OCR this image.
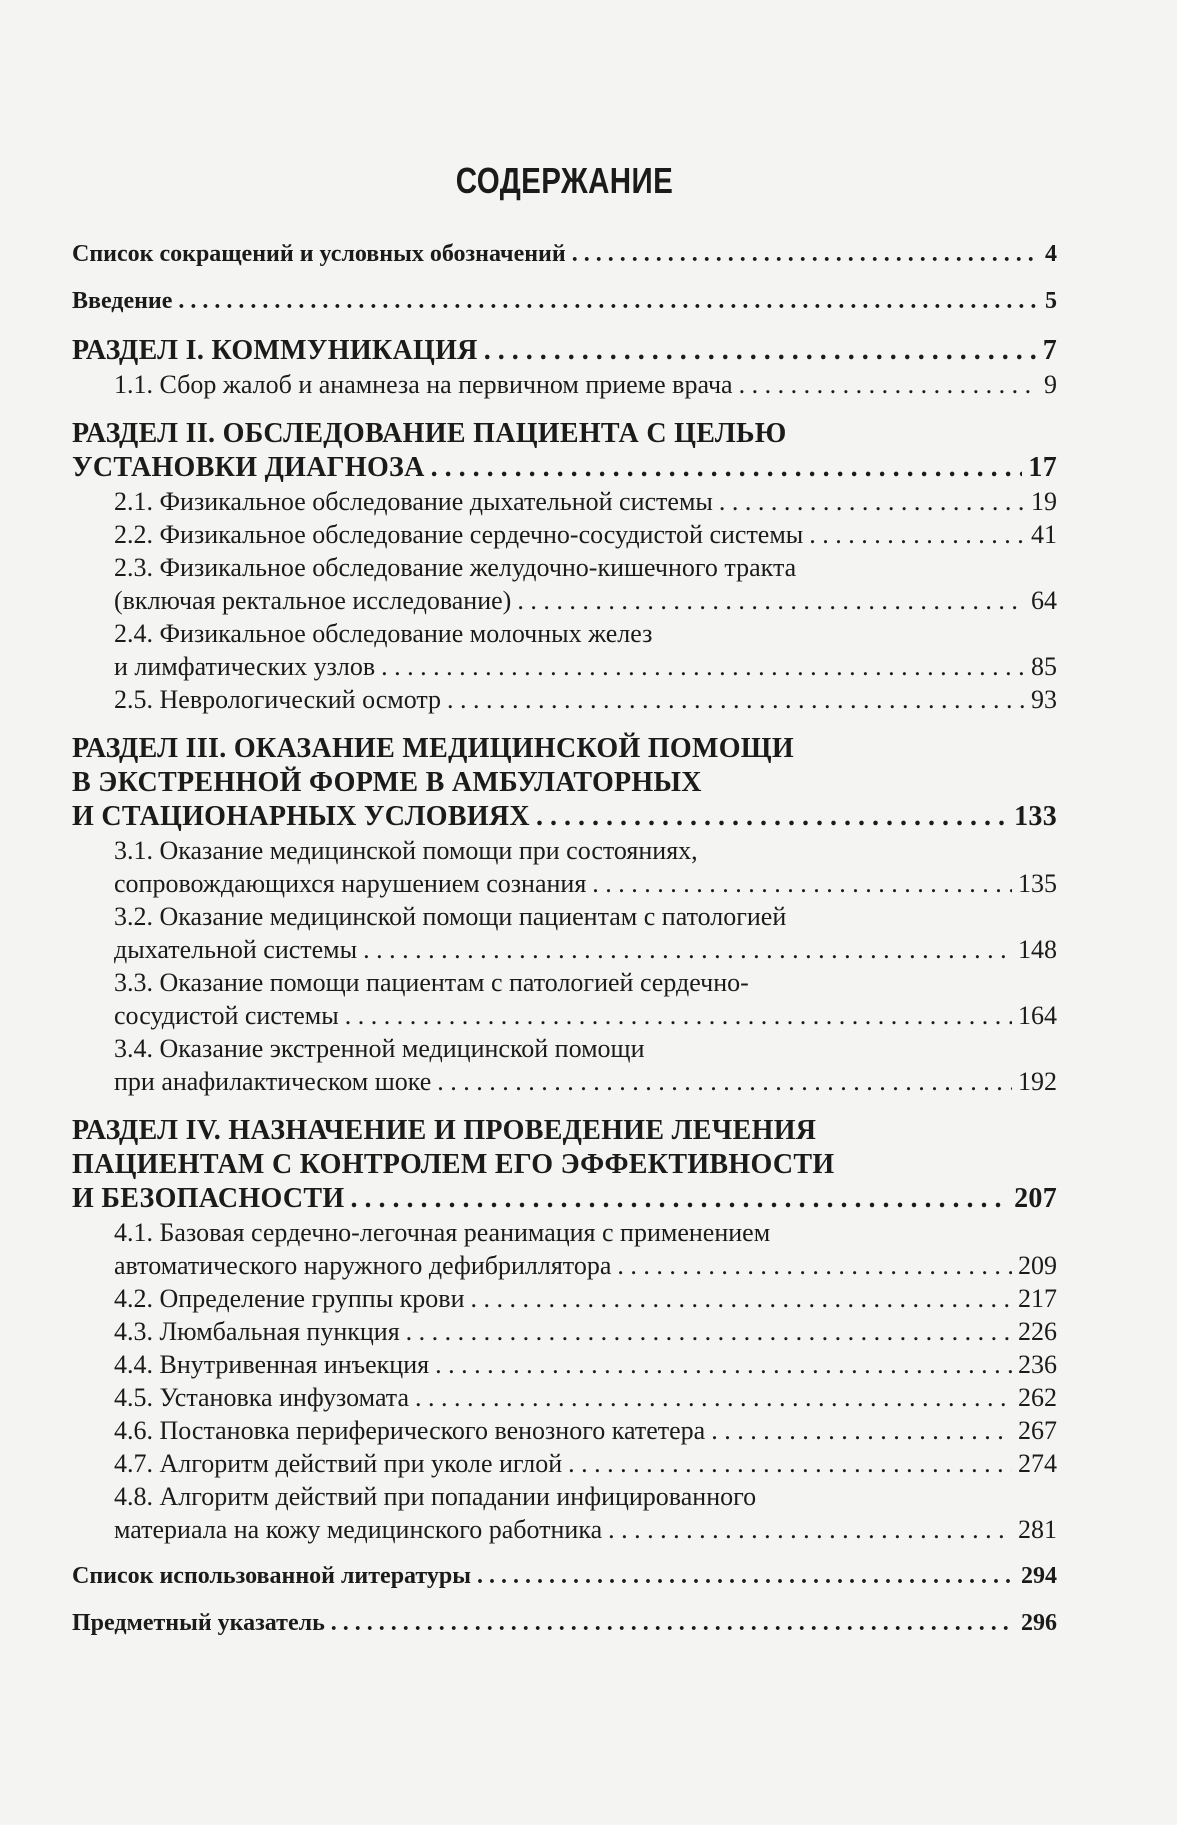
СОДЕРЖАНИЕ
Список сокращений и условных обозначений . . .	4
Введение . . .	5
РАЗДЕЛ I. КОММУНИКАЦИЯ . . .	7
1.1. Сбор жалоб и анамнеза на первичном приеме врача . . .	9
РАЗДЕЛ II. ОБСЛЕДОВАНИЕ ПАЦИЕНТА С ЦЕЛЬЮ
УСТАНОВКИ ДИАГНОЗА . . .	17
2.1. Физикальное обследование дыхательной системы . . .	19
2.2. Физикальное обследование сердечно-сосудистой системы . . .	41
2.3. Физикальное обследование желудочно-кишечного тракта
(включая ректальное исследование) . . .	64
2.4. Физикальное обследование молочных желез
и лимфатических узлов . . .	85
2.5. Неврологический осмотр . . .	93
РАЗДЕЛ III. ОКАЗАНИЕ МЕДИЦИНСКОЙ ПОМОЩИ
В ЭКСТРЕННОЙ ФОРМЕ В АМБУЛАТОРНЫХ
И СТАЦИОНАРНЫХ УСЛОВИЯХ . . .	133
3.1. Оказание медицинской помощи при состояниях,
сопровождающихся нарушением сознания . . .	135
3.2. Оказание медицинской помощи пациентам с патологией
дыхательной системы . . .	148
3.3. Оказание помощи пациентам с патологией сердечно-
сосудистой системы . . .	164
3.4. Оказание экстренной медицинской помощи
при анафилактическом шоке . . .	192
РАЗДЕЛ IV. НАЗНАЧЕНИЕ И ПРОВЕДЕНИЕ ЛЕЧЕНИЯ
ПАЦИЕНТАМ С КОНТРОЛЕМ ЕГО ЭФФЕКТИВНОСТИ
И БЕЗОПАСНОСТИ . . .	207
4.1. Базовая сердечно-легочная реанимация с применением
автоматического наружного дефибриллятора . . .	209
4.2. Определение группы крови . . .	217
4.3. Люмбальная пункция . . .	226
4.4. Внутривенная инъекция . . .	236
4.5. Установка инфузомата . . .	262
4.6. Постановка периферического венозного катетера . . .	267
4.7. Алгоритм действий при уколе иглой . . .	274
4.8. Алгоритм действий при попадании инфицированного
материала на кожу медицинского работника . . .	281
Список использованной литературы . . .	294
Предметный указатель . . .	296
